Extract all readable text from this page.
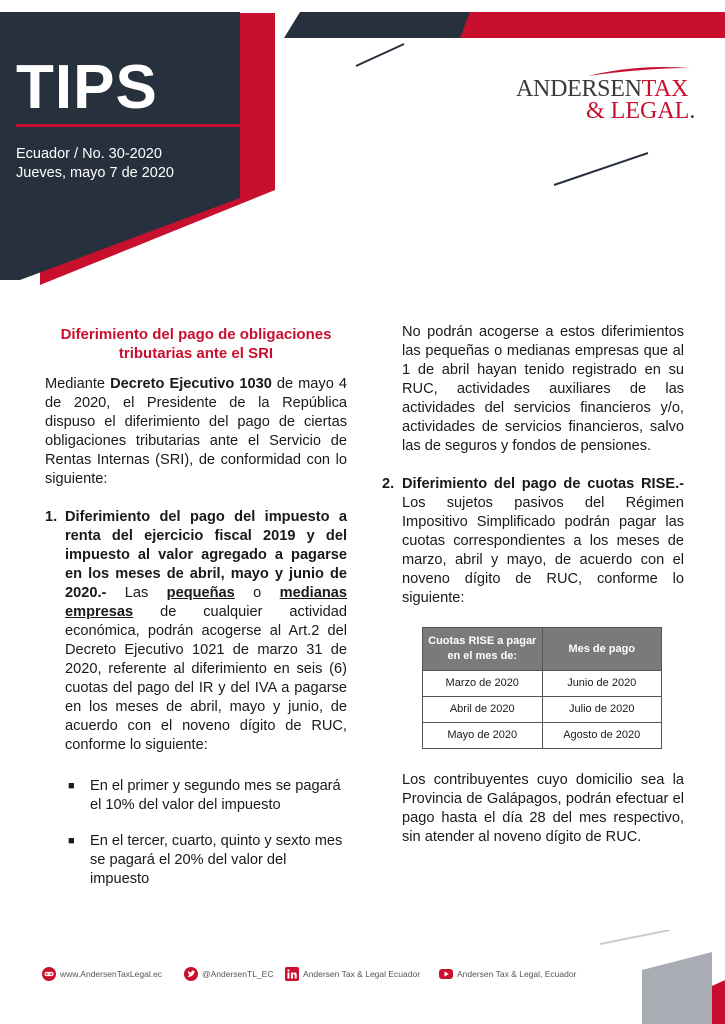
TIPS
Ecuador / No. 30-2020
Jueves, mayo 7 de 2020
ANDERSENTAX
& LEGAL.

Diferimiento del pago de obligaciones tributarias ante el SRI

Mediante Decreto Ejecutivo 1030 de mayo 4 de 2020, el Presidente de la República dispuso el diferimiento del pago de ciertas obligaciones tributarias ante el Servicio de Rentas Internas (SRI), de conformidad con lo siguiente:

1. Diferimiento del pago del impuesto a renta del ejercicio fiscal 2019 y del impuesto al valor agregado a pagarse en los meses de abril, mayo y junio de 2020.- Las pequeñas o medianas empresas de cualquier actividad económica, podrán acogerse al Art.2 del Decreto Ejecutivo 1021 de marzo 31 de 2020, referente al diferimiento en seis (6) cuotas del pago del IR y del IVA a pagarse en los meses de abril, mayo y junio, de acuerdo con el noveno dígito de RUC, conforme lo siguiente:
■ En el primer y segundo mes se pagará el 10% del valor del impuesto
■ En el tercer, cuarto, quinto y sexto mes se pagará el 20% del valor del impuesto

No podrán acogerse a estos diferimientos las pequeñas o medianas empresas que al 1 de abril hayan tenido registrado en su RUC, actividades auxiliares de las actividades del servicios financieros y/o, actividades de servicios financieros, salvo las de seguros y fondos de pensiones.

2. Diferimiento del pago de cuotas RISE.- Los sujetos pasivos del Régimen Impositivo Simplificado podrán pagar las cuotas correspondientes a los meses de marzo, abril y mayo, de acuerdo con el noveno dígito de RUC, conforme lo siguiente:
Cuotas RISE a pagar en el mes de:	Mes de pago
Marzo de 2020	Junio de 2020
Abril de 2020	Julio de 2020
Mayo de 2020	Agosto de 2020

Los contribuyentes cuyo domicilio sea la Provincia de Galápagos, podrán efectuar el pago hasta el día 28 del mes respectivo, sin atender al noveno dígito de RUC.

www.AndersenTaxLegal.ec	@AndersenTL_EC	Andersen Tax & Legal Ecuador	Andersen Tax & Legal, Ecuador
